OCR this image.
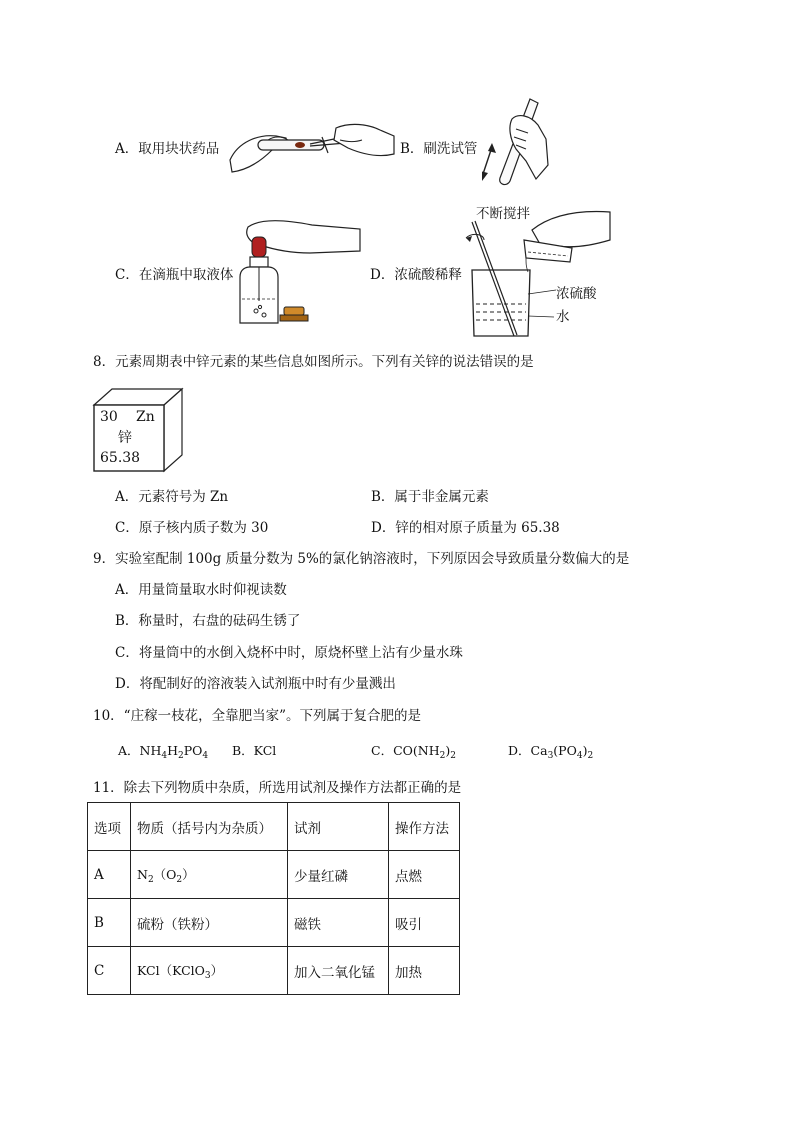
A．取用块状药品	B．刷洗试管
C．在滴瓶中取液体	D．浓硫酸稀释
不断搅拌
浓硫酸
水
8．元素周期表中锌元素的某些信息如图所示。下列有关锌的说法错误的是
30 Zn
锌
65.38
A．元素符号为 Zn	B．属于非金属元素
C．原子核内质子数为 30	D．锌的相对原子质量为 65.38
9．实验室配制 100g 质量分数为 5%的氯化钠溶液时，下列原因会导致质量分数偏大的是
A．用量筒量取水时仰视读数
B．称量时，右盘的砝码生锈了
C．将量筒中的水倒入烧杯中时，原烧杯壁上沾有少量水珠
D．将配制好的溶液装入试剂瓶中时有少量溅出
10．“庄稼一枝花，全靠肥当家”。下列属于复合肥的是
A．$NH_4H_2PO_4$ B．KCl	C．$CO(NH_2)_2$	D．$Ca_3(PO_4)_2$
11．除去下列物质中杂质，所选用试剂及操作方法都正确的是
选项	物质（括号内为杂质）	试剂	操作方法
A	$N_2(O_2)$	少量红磷	点燃
B	硫粉（铁粉）	磁铁	吸引
C	KCl（KClO$_3$）	加入二氧化锰	加热
